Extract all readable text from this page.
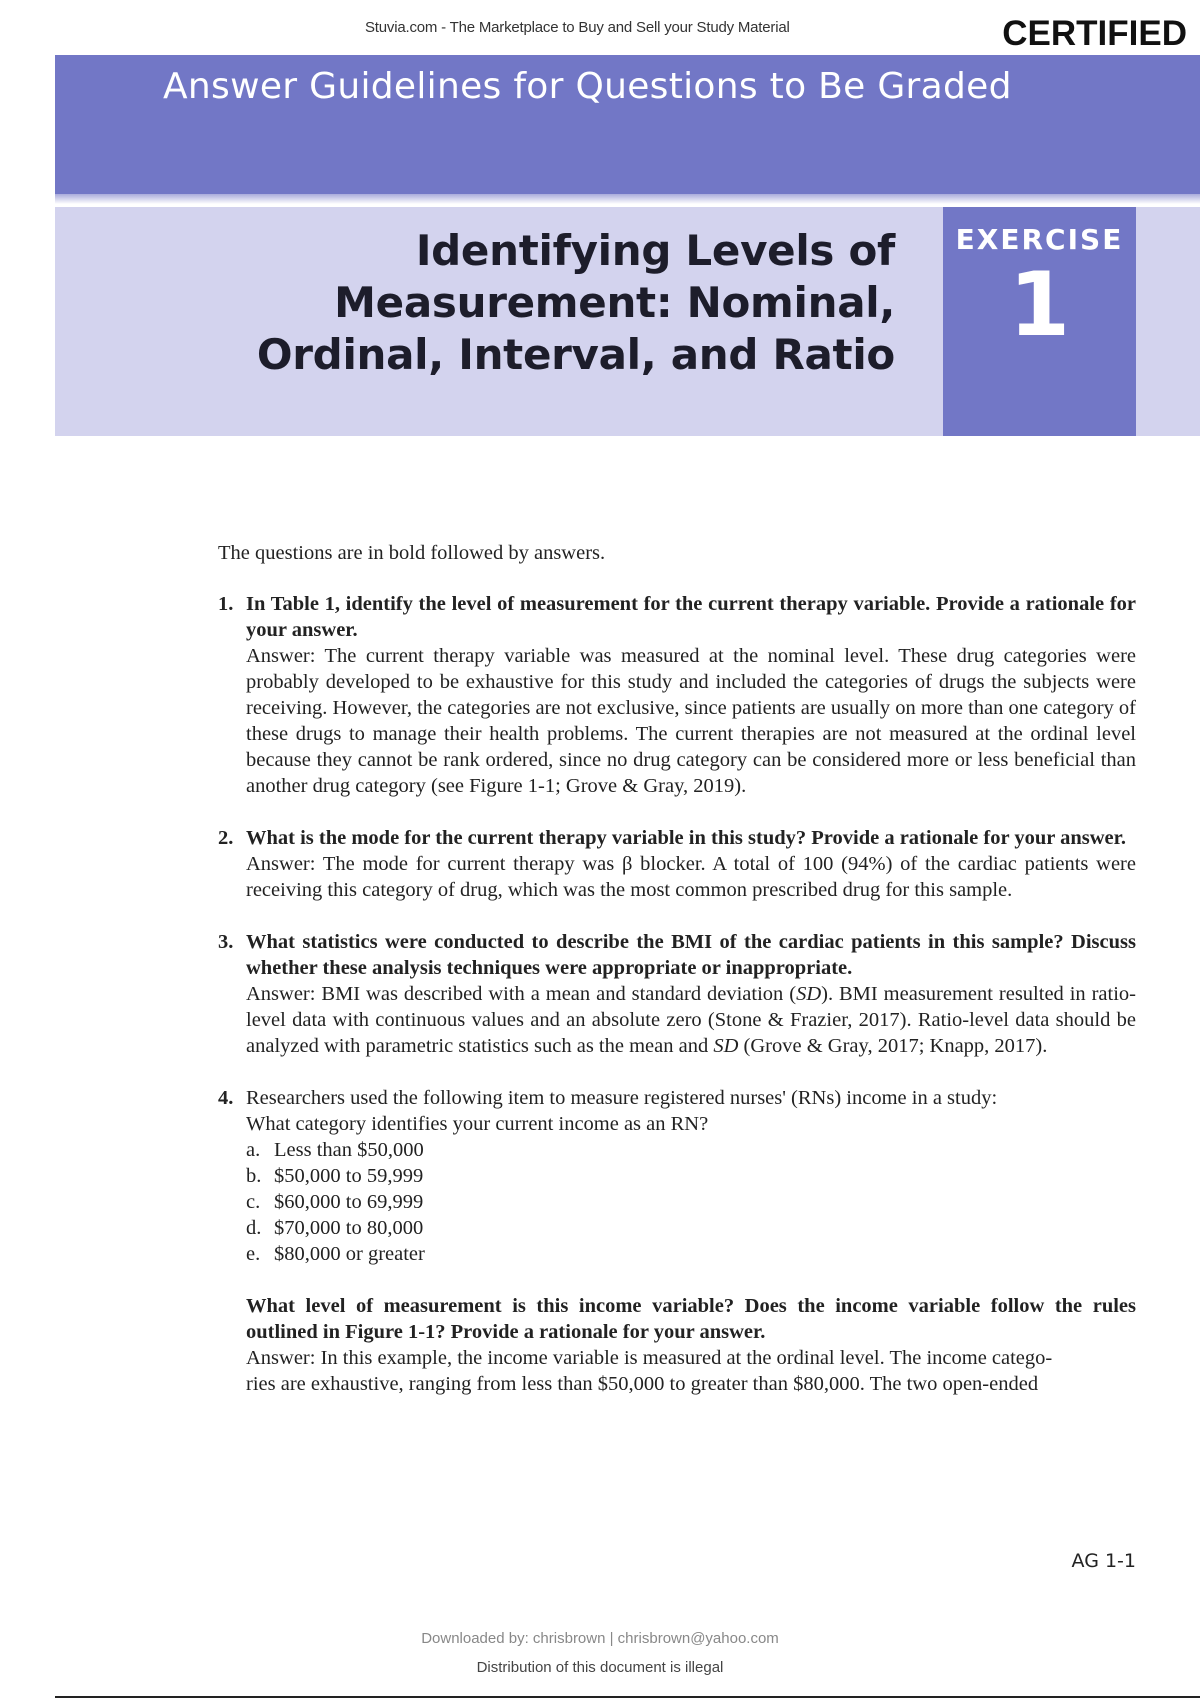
Stuvia.com - The Marketplace to Buy and Sell your Study Material	CERTIFIED
Answer Guidelines for Questions to Be Graded
Identifying Levels of
Measurement: Nominal,
Ordinal, Interval, and Ratio
EXERCISE
1

The questions are in bold followed by answers.

1. In Table 1, identify the level of measurement for the current therapy variable. Provide a rationale for your answer.

Answer: The current therapy variable was measured at the nominal level. These drug categories were probably developed to be exhaustive for this study and included the categories of drugs the subjects were receiving. However, the categories are not exclusive, since patients are usually on more than one category of these drugs to manage their health problems. The current therapies are not measured at the ordinal level because they cannot be rank ordered, since no drug category can be considered more or less beneficial than another drug category (see Figure 1-1; Grove & Gray, 2019).

2. What is the mode for the current therapy variable in this study? Provide a rationale for your answer.

Answer: The mode for current therapy was β blocker. A total of 100 (94%) of the cardiac patients were receiving this category of drug, which was the most common prescribed drug for this sample.

3. What statistics were conducted to describe the BMI of the cardiac patients in this sample? Discuss whether these analysis techniques were appropriate or inappropriate.

Answer: BMI was described with a mean and standard deviation (SD). BMI measurement resulted in ratio-level data with continuous values and an absolute zero (Stone & Frazier, 2017). Ratio-level data should be analyzed with parametric statistics such as the mean and SD (Grove & Gray, 2017; Knapp, 2017).

4. Researchers used the following item to measure registered nurses' (RNs) income in a study:
What category identifies your current income as an RN?

a. Less than $50,000
b. $50,000 to 59,999
c. $60,000 to 69,999
d. $70,000 to 80,000
e. $80,000 or greater

What level of measurement is this income variable? Does the income variable follow the rules outlined in Figure 1-1? Provide a rationale for your answer.

Answer: In this example, the income variable is measured at the ordinal level. The income catego-
ries are exhaustive, ranging from less than $50,000 to greater than $80,000. The two open-ended

AG 1-1
Downloaded by: chrisbrown | chrisbrown@yahoo.com
Distribution of this document is illegal
